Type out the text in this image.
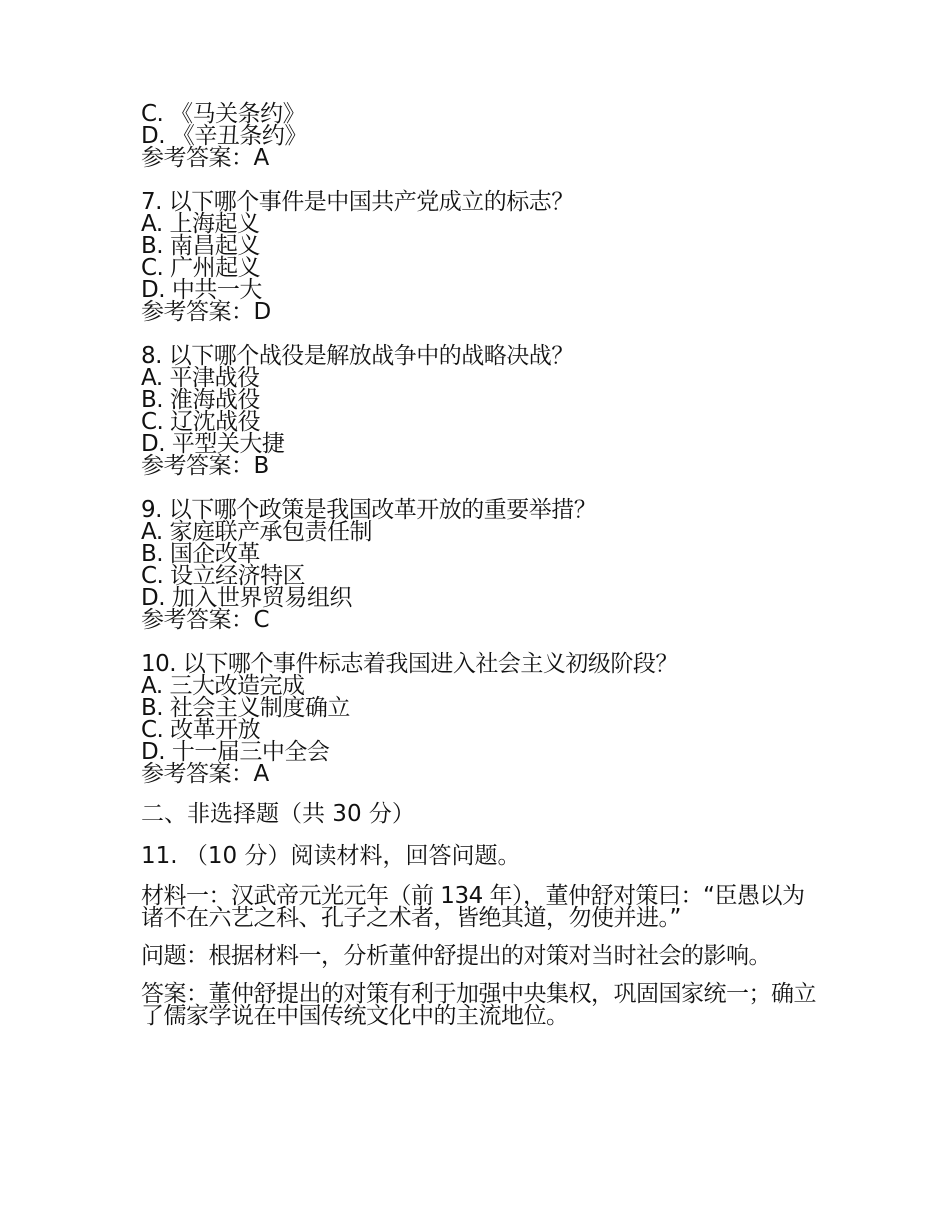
C. 《马关条约》
D. 《辛丑条约》
参考答案：A
7. 以下哪个事件是中国共产党成立的标志？
A. 上海起义
B. 南昌起义
C. 广州起义
D. 中共一大
参考答案：D
8. 以下哪个战役是解放战争中的战略决战？
A. 平津战役
B. 淮海战役
C. 辽沈战役
D. 平型关大捷
参考答案：B
9. 以下哪个政策是我国改革开放的重要举措？
A. 家庭联产承包责任制
B. 国企改革
C. 设立经济特区
D. 加入世界贸易组织
参考答案：C
10. 以下哪个事件标志着我国进入社会主义初级阶段？
A. 三大改造完成
B. 社会主义制度确立
C. 改革开放
D. 十一届三中全会
参考答案：A
二、非选择题（共 30 分）
11. （10 分）阅读材料，回答问题。
材料一：汉武帝元光元年（前 134 年），董仲舒对策曰：“臣愚以为诸不在六艺之科、孔子之术者，皆绝其道，勿使并进。”
问题：根据材料一，分析董仲舒提出的对策对当时社会的影响。
答案：董仲舒提出的对策有利于加强中央集权，巩固国家统一；确立了儒家学说在中国传统文化中的主流地位。
